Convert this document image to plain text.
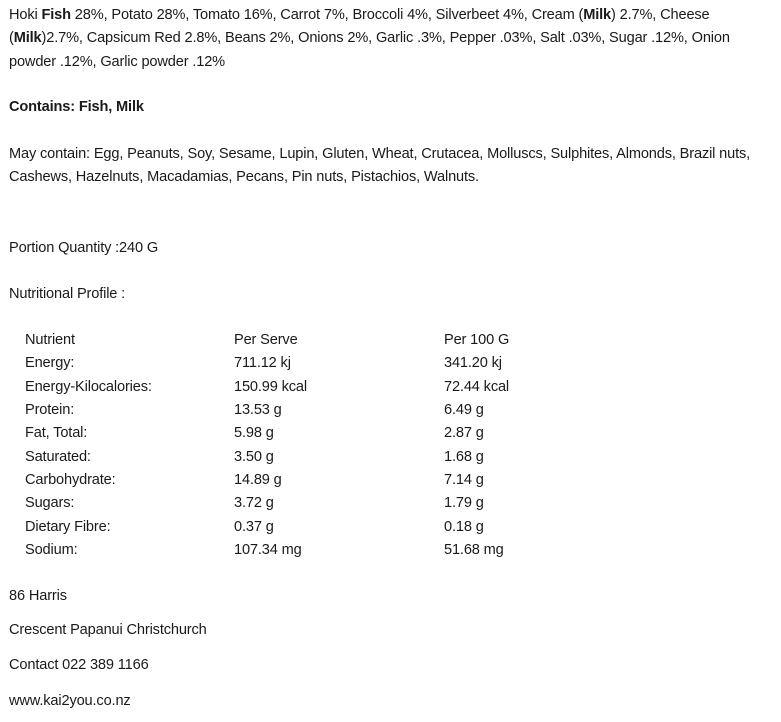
Hoki Fish 28%, Potato 28%, Tomato 16%, Carrot 7%, Broccoli 4%, Silverbeet 4%, Cream (Milk) 2.7%, Cheese (Milk)2.7%, Capsicum Red 2.8%, Beans 2%, Onions 2%, Garlic .3%, Pepper .03%, Salt .03%, Sugar .12%, Onion powder .12%, Garlic powder .12%
Contains: Fish, Milk
May contain: Egg, Peanuts, Soy, Sesame, Lupin, Gluten, Wheat, Crutacea, Molluscs, Sulphites, Almonds, Brazil nuts, Cashews, Hazelnuts, Macadamias, Pecans, Pin nuts, Pistachios, Walnuts.
Portion Quantity :240 G
Nutritional Profile :
Nutrient	Per Serve	Per 100 G
Energy:	711.12 kj	341.20 kj
Energy-Kilocalories:	150.99 kcal	72.44 kcal
Protein:	13.53 g	6.49 g
Fat, Total:	5.98 g	2.87 g
Saturated:	3.50 g	1.68 g
Carbohydrate:	14.89 g	7.14 g
Sugars:	3.72 g	1.79 g
Dietary Fibre:	0.37 g	0.18 g
Sodium:	107.34 mg	51.68 mg
86 Harris
Crescent Papanui Christchurch
Contact 022 389 1166
www.kai2you.co.nz
